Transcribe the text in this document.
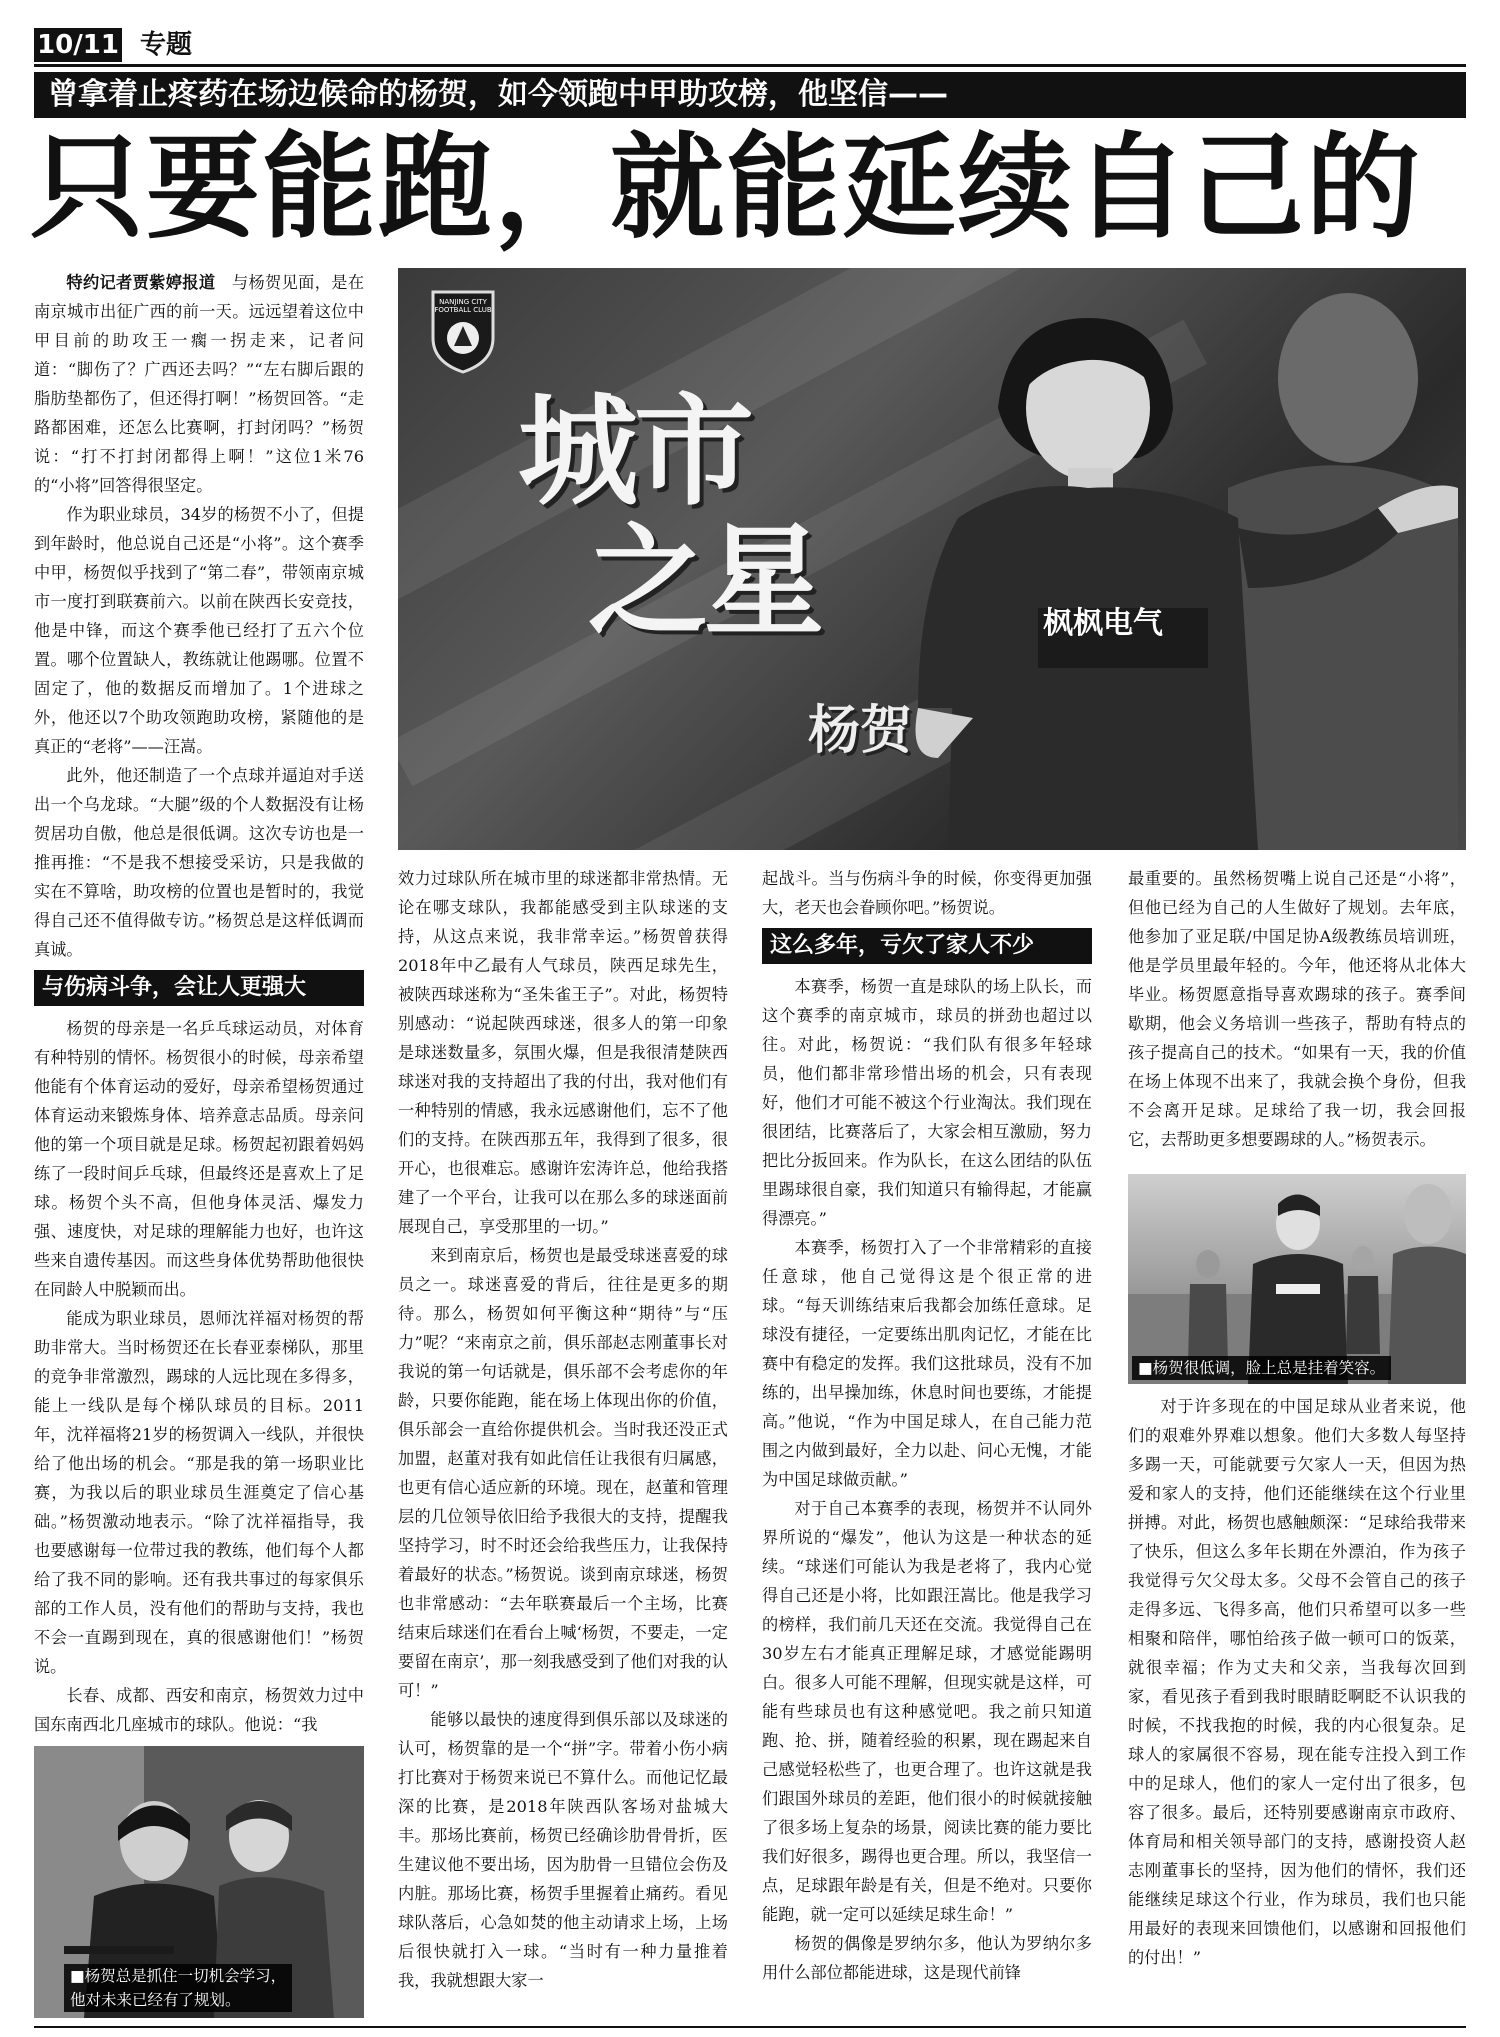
10/11 专题
曾拿着止疼药在场边候命的杨贺，如今领跑中甲助攻榜，他坚信——
只要能跑，就能延续自己的

特约记者贾紫婷报道　 与杨贺见面，是在南京城市出征广西的前一天。远远望着这位中甲目前的助攻王一瘸一拐走来，记者问道：“脚伤了？广西还去吗？”“左右脚后跟的脂肪垫都伤了，但还得打啊！”杨贺回答。“走路都困难，还怎么比赛啊，打封闭吗？”杨贺说：“打不打封闭都得上啊！”这位1米76的“小将”回答得很坚定。

作为职业球员，34岁的杨贺不小了，但提到年龄时，他总说自己还是“小将”。这个赛季中甲，杨贺似乎找到了“第二春”，带领南京城市一度打到联赛前六。以前在陕西长安竞技，他是中锋，而这个赛季他已经打了五六个位置。哪个位置缺人，教练就让他踢哪。位置不固定了，他的数据反而增加了。1个进球之外，他还以7个助攻领跑助攻榜，紧随他的是真正的“老将”——汪嵩。

此外，他还制造了一个点球并逼迫对手送出一个乌龙球。“大腿”级的个人数据没有让杨贺居功自傲，他总是很低调。这次专访也是一推再推：“不是我不想接受采访，只是我做的实在不算啥，助攻榜的位置也是暂时的，我觉得自己还不值得做专访。”杨贺总是这样低调而真诚。

与伤病斗争，会让人更强大

杨贺的母亲是一名乒乓球运动员，对体育有种特别的情怀。杨贺很小的时候，母亲希望他能有个体育运动的爱好，母亲希望杨贺通过体育运动来锻炼身体、培养意志品质。母亲问他的第一个项目就是足球。杨贺起初跟着妈妈练了一段时间乒乓球，但最终还是喜欢上了足球。杨贺个头不高，但他身体灵活、爆发力强、速度快，对足球的理解能力也好，也许这些来自遗传基因。而这些身体优势帮助他很快在同龄人中脱颖而出。

能成为职业球员，恩师沈祥福对杨贺的帮助非常大。当时杨贺还在长春亚泰梯队，那里的竞争非常激烈，踢球的人远比现在多得多，能上一线队是每个梯队球员的目标。2011年，沈祥福将21岁的杨贺调入一线队，并很快给了他出场的机会。“那是我的第一场职业比赛，为我以后的职业球员生涯奠定了信心基础。”杨贺激动地表示。“除了沈祥福指导，我也要感谢每一位带过我的教练，他们每个人都给了我不同的影响。还有我共事过的每家俱乐部的工作人员，没有他们的帮助与支持，我也不会一直踢到现在，真的很感谢他们！”杨贺说。

长春、成都、西安和南京，杨贺效力过中国东南西北几座城市的球队。他说：“我

NANJING CITY FOOTBALL CLUB
城市
之星
杨贺
枫枫电气

效力过球队所在城市里的球迷都非常热情。无论在哪支球队，我都能感受到主队球迷的支持，从这点来说，我非常幸运。”杨贺曾获得2018年中乙最有人气球员，陕西足球先生，被陕西球迷称为“圣朱雀王子”。对此，杨贺特别感动：“说起陕西球迷，很多人的第一印象是球迷数量多，氛围火爆，但是我很清楚陕西球迷对我的支持超出了我的付出，我对他们有一种特别的情感，我永远感谢他们，忘不了他们的支持。在陕西那五年，我得到了很多，很开心，也很难忘。感谢许宏涛许总，他给我搭建了一个平台，让我可以在那么多的球迷面前展现自己，享受那里的一切。”

来到南京后，杨贺也是最受球迷喜爱的球员之一。球迷喜爱的背后，往往是更多的期待。那么，杨贺如何平衡这种“期待”与“压力”呢？“来南京之前，俱乐部赵志刚董事长对我说的第一句话就是，俱乐部不会考虑你的年龄，只要你能跑，能在场上体现出你的价值，俱乐部会一直给你提供机会。当时我还没正式加盟，赵董对我有如此信任让我很有归属感，也更有信心适应新的环境。现在，赵董和管理层的几位领导依旧给予我很大的支持，提醒我坚持学习，时不时还会给我些压力，让我保持着最好的状态。”杨贺说。谈到南京球迷，杨贺也非常感动：“去年联赛最后一个主场，比赛结束后球迷们在看台上喊‘杨贺，不要走，一定要留在南京’，那一刻我感受到了他们对我的认可！”

能够以最快的速度得到俱乐部以及球迷的认可，杨贺靠的是一个“拼”字。带着小伤小病打比赛对于杨贺来说已不算什么。而他记忆最深的比赛，是2018年陕西队客场对盐城大丰。那场比赛前，杨贺已经确诊肋骨骨折，医生建议他不要出场，因为肋骨一旦错位会伤及内脏。那场比赛，杨贺手里握着止痛药。看见球队落后，心急如焚的他主动请求上场，上场后很快就打入一球。“当时有一种力量推着我，我就想跟大家一

起战斗。当与伤病斗争的时候，你变得更加强大，老天也会眷顾你吧。”杨贺说。

这么多年，亏欠了家人不少

本赛季，杨贺一直是球队的场上队长，而这个赛季的南京城市，球员的拼劲也超过以往。对此，杨贺说：“我们队有很多年轻球员，他们都非常珍惜出场的机会，只有表现好，他们才可能不被这个行业淘汰。我们现在很团结，比赛落后了，大家会相互激励，努力把比分扳回来。作为队长，在这么团结的队伍里踢球很自豪，我们知道只有输得起，才能赢得漂亮。”

本赛季，杨贺打入了一个非常精彩的直接任意球，他自己觉得这是个很正常的进球。“每天训练结束后我都会加练任意球。足球没有捷径，一定要练出肌肉记忆，才能在比赛中有稳定的发挥。我们这批球员，没有不加练的，出早操加练，休息时间也要练，才能提高。”他说，“作为中国足球人，在自己能力范围之内做到最好，全力以赴、问心无愧，才能为中国足球做贡献。”

对于自己本赛季的表现，杨贺并不认同外界所说的“爆发”，他认为这是一种状态的延续。“球迷们可能认为我是老将了，我内心觉得自己还是小将，比如跟汪嵩比。他是我学习的榜样，我们前几天还在交流。我觉得自己在30岁左右才能真正理解足球，才感觉能踢明白。很多人可能不理解，但现实就是这样，可能有些球员也有这种感觉吧。我之前只知道跑、抢、拼，随着经验的积累，现在踢起来自己感觉轻松些了，也更合理了。也许这就是我们跟国外球员的差距，他们很小的时候就接触了很多场上复杂的场景，阅读比赛的能力要比我们好很多，踢得也更合理。所以，我坚信一点，足球跟年龄是有关，但是不绝对。只要你能跑，就一定可以延续足球生命！”

杨贺的偶像是罗纳尔多，他认为罗纳尔多用什么部位都能进球，这是现代前锋

最重要的。虽然杨贺嘴上说自己还是“小将”，但他已经为自己的人生做好了规划。去年底，他参加了亚足联/中国足协A级教练员培训班，他是学员里最年轻的。今年，他还将从北体大毕业。杨贺愿意指导喜欢踢球的孩子。赛季间歇期，他会义务培训一些孩子，帮助有特点的孩子提高自己的技术。“如果有一天，我的价值在场上体现不出来了，我就会换个身份，但我不会离开足球。足球给了我一切，我会回报它，去帮助更多想要踢球的人。”杨贺表示。

■杨贺很低调，脸上总是挂着笑容。

对于许多现在的中国足球从业者来说，他们的艰难外界难以想象。他们大多数人每坚持多踢一天，可能就要亏欠家人一天，但因为热爱和家人的支持，他们还能继续在这个行业里拼搏。对此，杨贺也感触颇深：“足球给我带来了快乐，但这么多年长期在外漂泊，作为孩子我觉得亏欠父母太多。父母不会管自己的孩子走得多远、飞得多高，他们只希望可以多一些相聚和陪伴，哪怕给孩子做一顿可口的饭菜，就很幸福；作为丈夫和父亲，当我每次回到家，看见孩子看到我时眼睛眨啊眨不认识我的时候，不找我抱的时候，我的内心很复杂。足球人的家属很不容易，现在能专注投入到工作中的足球人，他们的家人一定付出了很多，包容了很多。最后，还特别要感谢南京市政府、体育局和相关领导部门的支持，感谢投资人赵志刚董事长的坚持，因为他们的情怀，我们还能继续足球这个行业，作为球员，我们也只能用最好的表现来回馈他们，以感谢和回报他们的付出！”

■杨贺总是抓住一切机会学习，
他对未来已经有了规划。
